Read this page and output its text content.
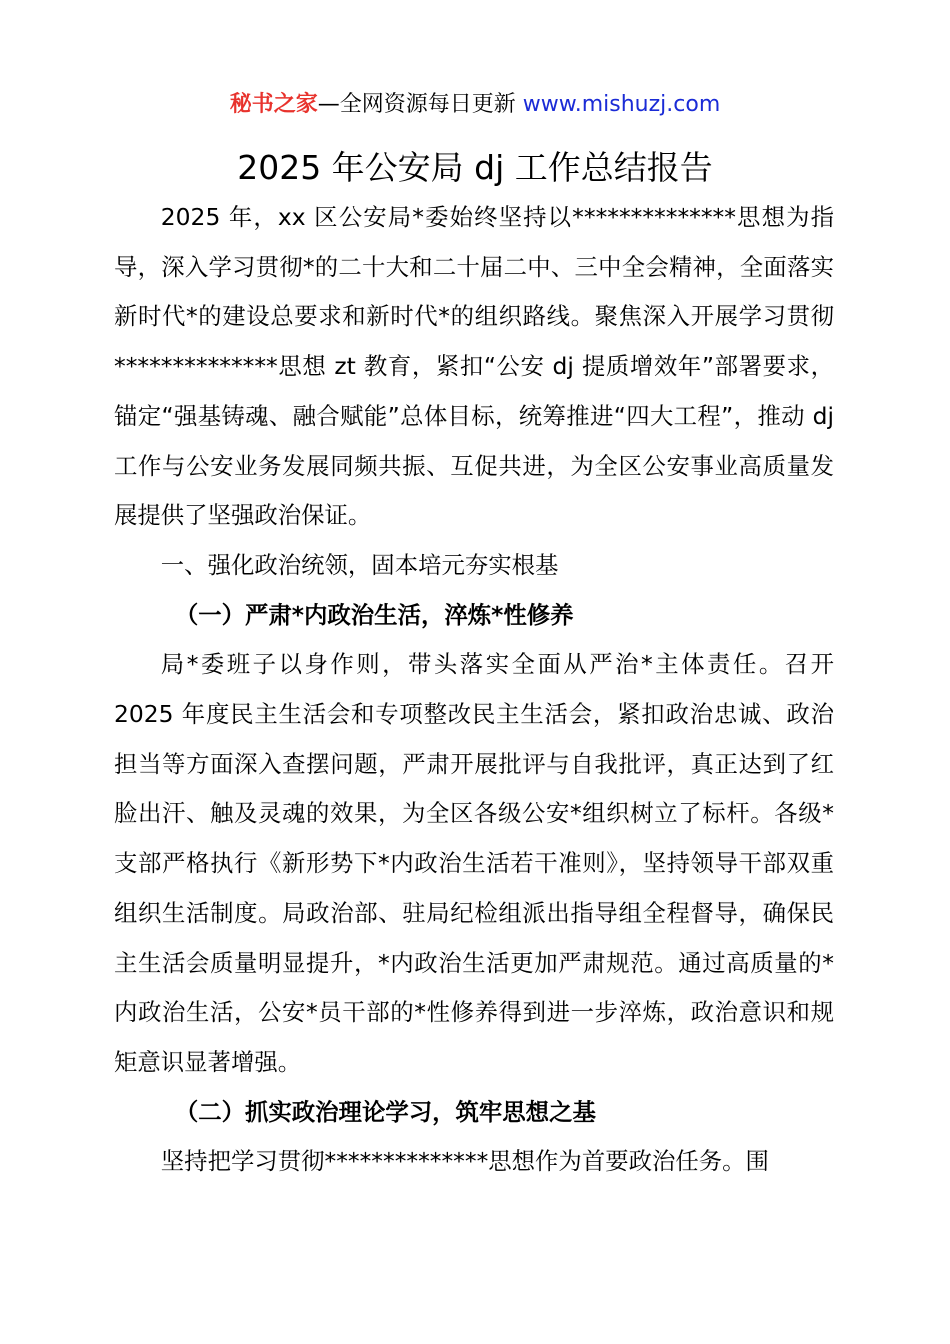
秘书之家—全网资源每日更新 www.mishuzj.com
2025 年公安局 dj 工作总结报告

2025 年，xx 区公安局*委始终坚持以**************思想为指导，深入学习贯彻*的二十大和二十届二中、三中全会精神，全面落实新时代*的建设总要求和新时代*的组织路线。聚焦深入开展学习贯彻**************思想 zt 教育，紧扣“公安 dj 提质增效年”部署要求，锚定“强基铸魂、融合赋能”总体目标，统筹推进“四大工程”，推动 dj 工作与公安业务发展同频共振、互促共进，为全区公安事业高质量发展提供了坚强政治保证。

一、强化政治统领，固本培元夯实根基

（一）严肃*内政治生活，淬炼*性修养

局*委班子以身作则，带头落实全面从严治*主体责任。召开 2025 年度民主生活会和专项整改民主生活会，紧扣政治忠诚、政治担当等方面深入查摆问题，严肃开展批评与自我批评，真正达到了红脸出汗、触及灵魂的效果，为全区各级公安*组织树立了标杆。各级*支部严格执行《新形势下*内政治生活若干准则》，坚持领导干部双重组织生活制度。局政治部、驻局纪检组派出指导组全程督导，确保民主生活会质量明显提升，*内政治生活更加严肃规范。通过高质量的*内政治生活，公安*员干部的*性修养得到进一步淬炼，政治意识和规矩意识显著增强。

（二）抓实政治理论学习，筑牢思想之基

坚持把学习贯彻**************思想作为首要政治任务。围
